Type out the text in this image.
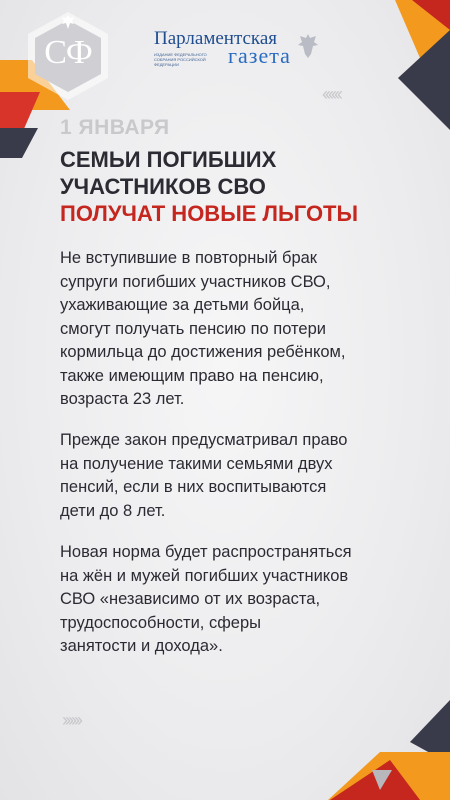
СФ	Парламентская
ИЗДАНИЕ ФЕДЕРАЛЬНОГО СОБРАНИЯ РОССИЙСКОЙ ФЕДЕРАЦИИ	газета
‹‹‹‹‹‹
››››››
1 ЯНВАРЯ
СЕМЬИ ПОГИБШИХ
УЧАСТНИКОВ СВО
ПОЛУЧАТ НОВЫЕ ЛЬГОТЫ
Не вступившие в повторный брак
супруги погибших участников СВО,
ухаживающие за детьми бойца,
смогут получать пенсию по потери
кормильца до достижения ребёнком,
также имеющим право на пенсию,
возраста 23 лет.
Прежде закон предусматривал право
на получение такими семьями двух
пенсий, если в них воспитываются
дети до 8 лет.
Новая норма будет распространяться
на жён и мужей погибших участников
СВО «независимо от их возраста,
трудоспособности, сферы
занятости и дохода».
